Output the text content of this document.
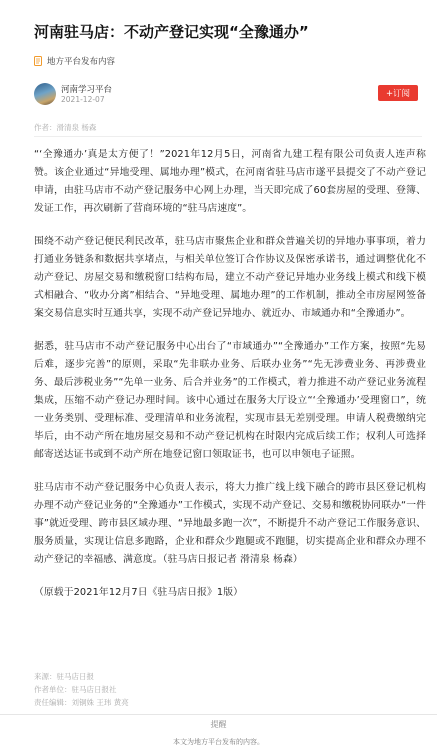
河南驻马店：不动产登记实现“全豫通办”
地方平台发布内容
河南学习平台
2021-12-07
+订阅
作者：滑清泉 杨森

“‘全豫通办’真是太方便了！”2021年12月5日，河南省九建工程有限公司负责人连声称赞。该企业通过“异地受理、属地办理”模式，在河南省驻马店市遂平县提交了不动产登记申请，由驻马店市不动产登记服务中心网上办理，当天即完成了60套房屋的受理、登簿、发证工作，再次刷新了营商环境的“驻马店速度”。

围绕不动产登记便民利民改革，驻马店市聚焦企业和群众普遍关切的异地办事事项，着力打通业务链条和数据共享堵点，与相关单位签订合作协议及保密承诺书，通过调整优化不动产登记、房屋交易和缴税窗口结构布局，建立不动产登记异地办业务线上模式和线下模式相融合、“收办分离”相结合、“异地受理、属地办理”的工作机制，推动全市房屋网签备案交易信息实时互通共享，实现不动产登记异地办、就近办、市域通办和“全豫通办”。

据悉，驻马店市不动产登记服务中心出台了“市域通办”“全豫通办”工作方案，按照“先易后难，逐步完善”的原则，采取“先非联办业务、后联办业务”“先无涉费业务、再涉费业务、最后涉税业务”“先单一业务、后合并业务”的工作模式，着力推进不动产登记业务流程集成，压缩不动产登记办理时间。该中心通过在服务大厅设立“‘全豫通办’受理窗口”，统一业务类别、受理标准、受理清单和业务流程，实现市县无差别受理。申请人税费缴纳完毕后，由不动产所在地房屋交易和不动产登记机构在时限内完成后续工作；权利人可选择邮寄送达证书或到不动产所在地登记窗口领取证书，也可以申领电子证照。

驻马店市不动产登记服务中心负责人表示，将大力推广线上线下融合的跨市县区登记机构办理不动产登记业务的“全豫通办”工作模式，实现不动产登记、交易和缴税协同联办“一件事”就近受理、跨市县区域办理、“异地最多跑一次”，不断提升不动产登记工作服务意识、服务质量，实现让信息多跑路，企业和群众少跑腿或不跑腿，切实提高企业和群众办理不动产登记的幸福感、满意度。（驻马店日报记者 滑清泉 杨森）

（原载于2021年12月7日《驻马店日报》1版）

来源：驻马店日报
作者单位：驻马店日报社
责任编辑：刘铜姝 王玮 黄亮
提醒
本文为地方平台发布的内容。
